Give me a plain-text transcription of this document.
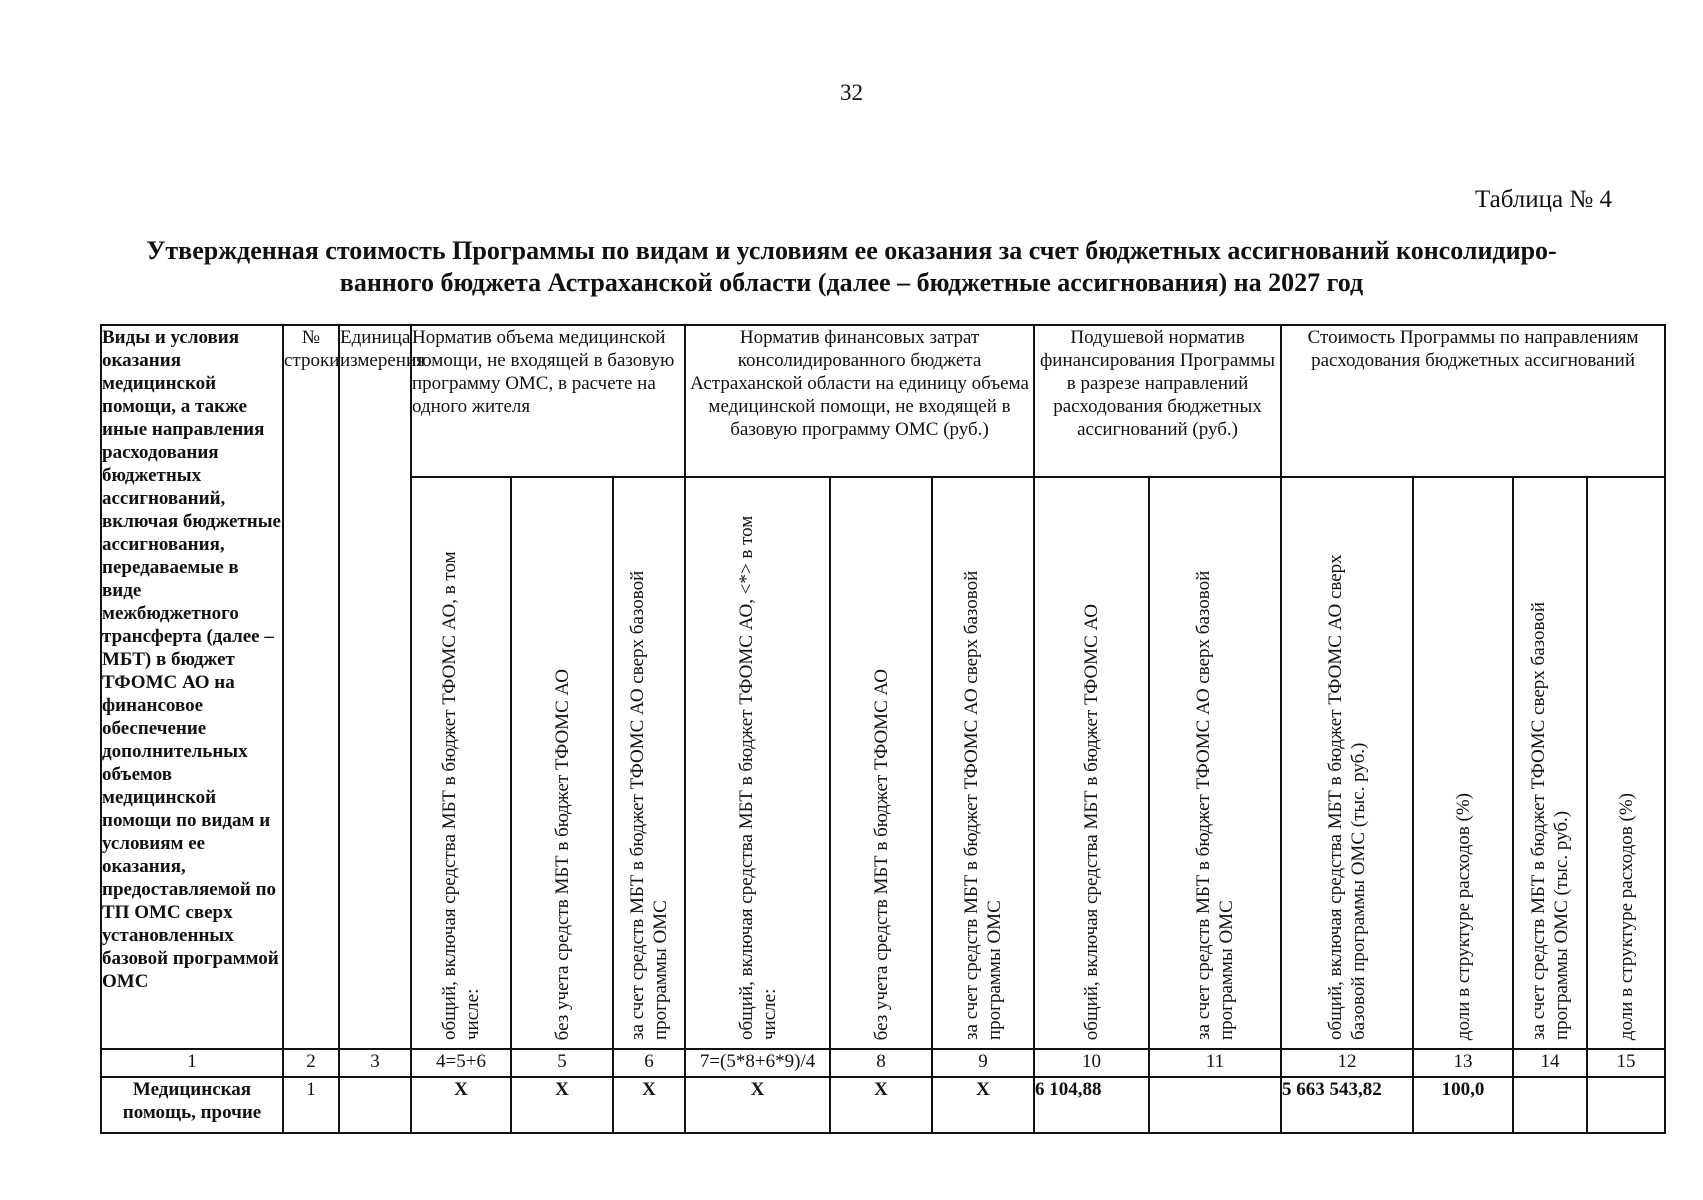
32
Таблица № 4
Утвержденная стоимость Программы по видам и условиям ее оказания за счет бюджетных ассигнований консолидиро-
ванного бюджета Астраханской области (далее – бюджетные ассигнования) на 2027 год
Виды и условия оказания медицинской помощи, а также иные направления расходования бюджетных ассигнований, включая бюджетные ассигнования, передаваемые в виде межбюджетного трансферта (далее – МБТ) в бюджет ТФОМС АО на финансовое обеспечение дополнительных объемов медицинской помощи по видам и условиям ее оказания, предоставляемой по ТП ОМС сверх установленных базовой программой ОМС	№ строки	Единица измерения	Норматив объема медицинской помощи, не входящей в базовую программу ОМС, в расчете на одного жителя			Норматив финансовых затрат консолидированного бюджета Астраханской области на единицу объема медицинской помощи, не входящей в базовую программу ОМС (руб.)			Подушевой норматив финансирования Программы в разрезе направлений расходования бюджетных ассигнований (руб.)		Стоимость Программы по направлениям расходования бюджетных ассигнований			

			общий, включая средства МБТ в бюджет ТФОМС АО, в том числе:	без учета средств МБТ в бюджет ТФОМС АО	за счет средств МБТ в бюджет ТФОМС АО сверх базовой программы ОМС	общий, включая средства МБТ в бюджет ТФОМС АО, <*> в том числе:	без учета средств МБТ в бюджет ТФОМС АО	за счет средств МБТ в бюджет ТФОМС АО сверх базовой программы ОМС	общий, включая средства МБТ в бюджет ТФОМС АО	за счет средств МБТ в бюджет ТФОМС АО сверх базовой программы ОМС	общий, включая средства МБТ в бюджет ТФОМС АО сверх базовой программы ОМС (тыс. руб.)	доли в структуре расходов (%)	за счет средств МБТ в бюджет ТФОМС сверх базовой программы ОМС (тыс. руб.)	доли в структуре расходов (%)

1	2	3	4=5+6	5	6	7=(5*8+6*9)/4	8	9	10	11	12	13	14	15
Медицинская помощь, прочие	1		X	X	X	X	X	X	6 104,88		5 663 543,82	100,0		
